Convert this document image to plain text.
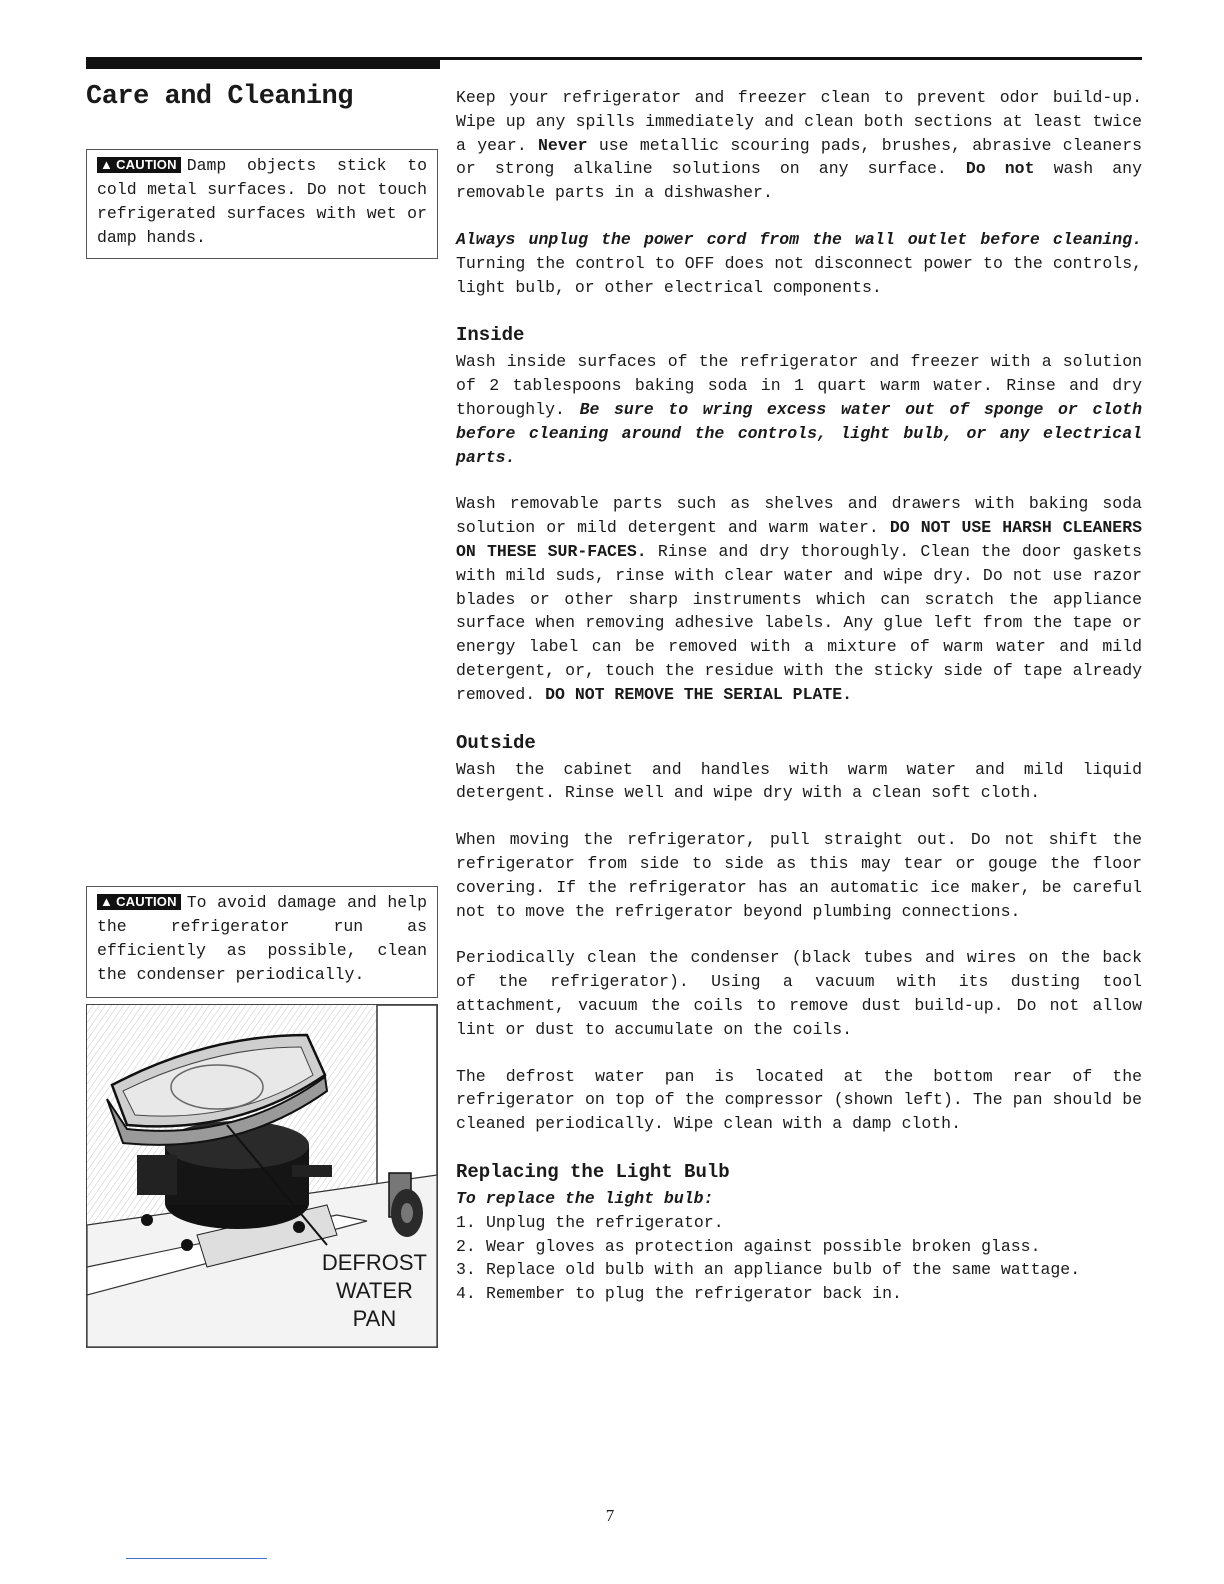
Care and Cleaning
▲ CAUTION Damp objects stick to cold metal surfaces. Do not touch refrigerated surfaces with wet or damp hands.
▲ CAUTION To avoid damage and help the refrigerator run as efficiently as possible, clean the condenser periodically.
DEFROST
WATER
PAN

Keep your refrigerator and freezer clean to prevent odor build-up. Wipe up any spills immediately and clean both sections at least twice a year. Never use metallic scouring pads, brushes, abrasive cleaners or strong alkaline solutions on any surface. Do not wash any removable parts in a dishwasher.

Always unplug the power cord from the wall outlet before cleaning. Turning the control to OFF does not disconnect power to the controls, light bulb, or other electrical components.

Inside

Wash inside surfaces of the refrigerator and freezer with a solution of 2 tablespoons baking soda in 1 quart warm water. Rinse and dry thoroughly. Be sure to wring excess water out of sponge or cloth before cleaning around the controls, light bulb, or any electrical parts.

Wash removable parts such as shelves and drawers with baking soda solution or mild detergent and warm water. DO NOT USE HARSH CLEANERS ON THESE SUR-FACES. Rinse and dry thoroughly. Clean the door gaskets with mild suds, rinse with clear water and wipe dry. Do not use razor blades or other sharp instruments which can scratch the appliance surface when removing adhesive labels. Any glue left from the tape or energy label can be removed with a mixture of warm water and mild detergent, or, touch the residue with the sticky side of tape already removed. DO NOT REMOVE THE SERIAL PLATE.

Outside

Wash the cabinet and handles with warm water and mild liquid detergent. Rinse well and wipe dry with a clean soft cloth.

When moving the refrigerator, pull straight out. Do not shift the refrigerator from side to side as this may tear or gouge the floor covering. If the refrigerator has an automatic ice maker, be careful not to move the refrigerator beyond plumbing connections.

Periodically clean the condenser (black tubes and wires on the back of the refrigerator). Using a vacuum with its dusting tool attachment, vacuum the coils to remove dust build-up. Do not allow lint or dust to accumulate on the coils.

The defrost water pan is located at the bottom rear of the refrigerator on top of the compressor (shown left). The pan should be cleaned periodically. Wipe clean with a damp cloth.

Replacing the Light Bulb
To replace the light bulb:
1. Unplug the refrigerator.
2. Wear gloves as protection against possible broken glass.
3. Replace old bulb with an appliance bulb of the same wattage.
4. Remember to plug the refrigerator back in.
7
